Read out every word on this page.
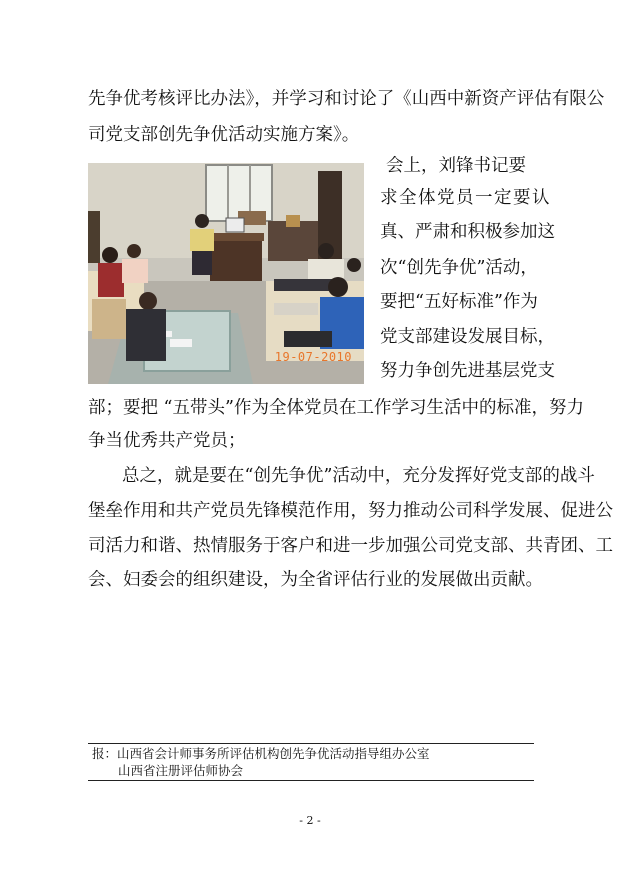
先争优考核评比办法》，并学习和讨论了《山西中新资产评估有限公
司党支部创先争优活动实施方案》。
会上，刘锋书记要
求全体党员一定要认
真、严肃和积极参加这
次“创先争优”活动，
要把“五好标准”作为
党支部建设发展目标，
努力争创先进基层党支
部；要把 “五带头”作为全体党员在工作学习生活中的标准，努力
争当优秀共产党员；
总之，就是要在“创先争优”活动中，充分发挥好党支部的战斗
堡垒作用和共产党员先锋模范作用，努力推动公司科学发展、促进公
司活力和谐、热情服务于客户和进一步加强公司党支部、共青团、工
会、妇委会的组织建设，为全省评估行业的发展做出贡献。
19-07-2010
报：山西省会计师事务所评估机构创先争优活动指导组办公室
山西省注册评估师协会
- 2 -
